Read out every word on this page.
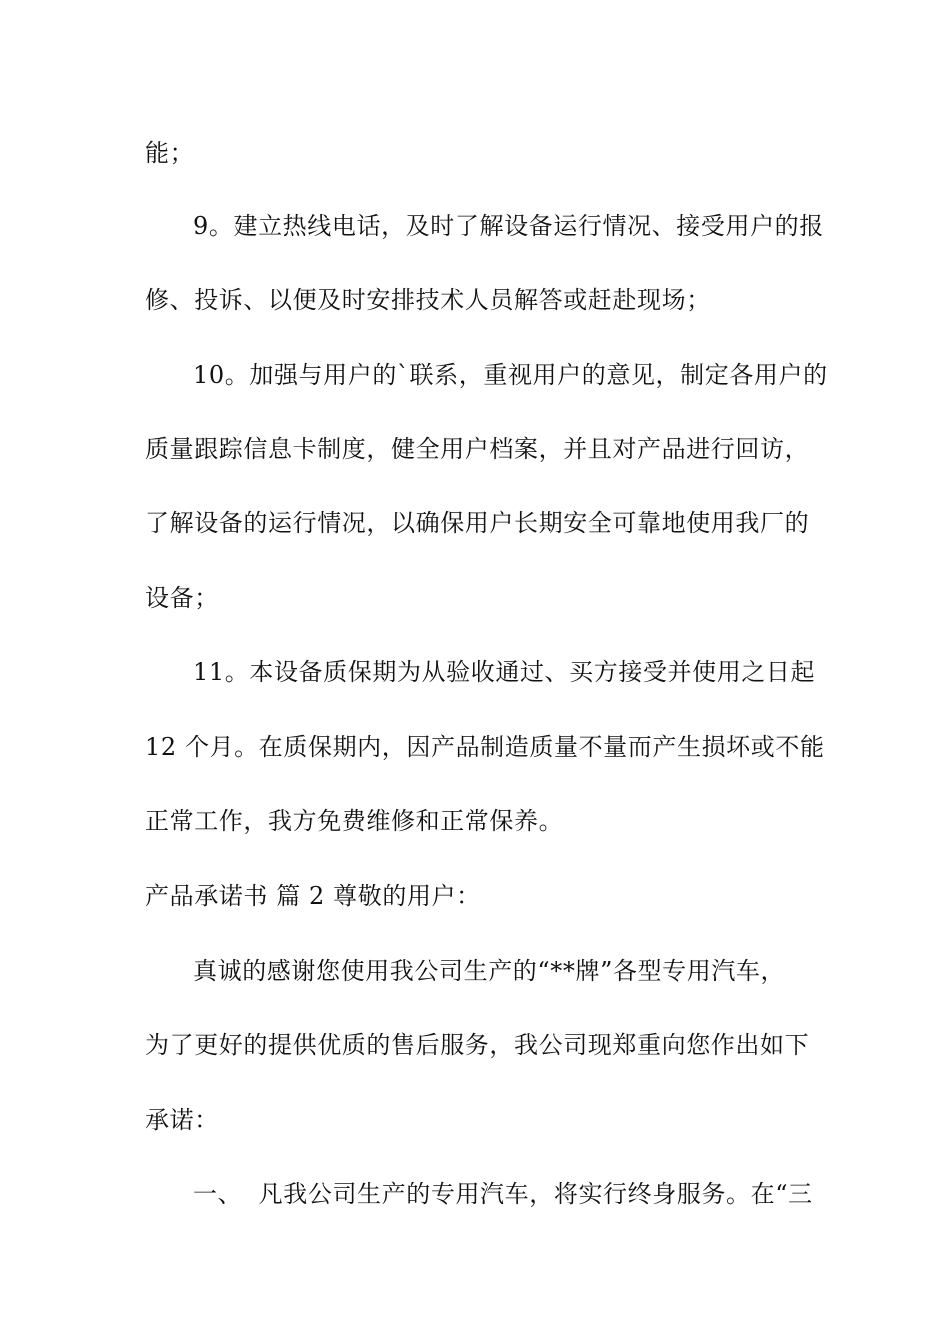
能；
9。建立热线电话，及时了解设备运行情况、接受用户的报
修、投诉、以便及时安排技术人员解答或赶赴现场；
10。加强与用户的`联系，重视用户的意见，制定各用户的
质量跟踪信息卡制度，健全用户档案，并且对产品进行回访，
了解设备的运行情况，以确保用户长期安全可靠地使用我厂的
设备；
11。本设备质保期为从验收通过、买方接受并使用之日起
12 个月。在质保期内，因产品制造质量不量而产生损坏或不能
正常工作，我方免费维修和正常保养。
产品承诺书 篇 2 尊敬的用户：
真诚的感谢您使用我公司生产的“**牌”各型专用汽车，
为了更好的提供优质的售后服务，我公司现郑重向您作出如下
承诺：
一、  凡我公司生产的专用汽车，将实行终身服务。在“三
